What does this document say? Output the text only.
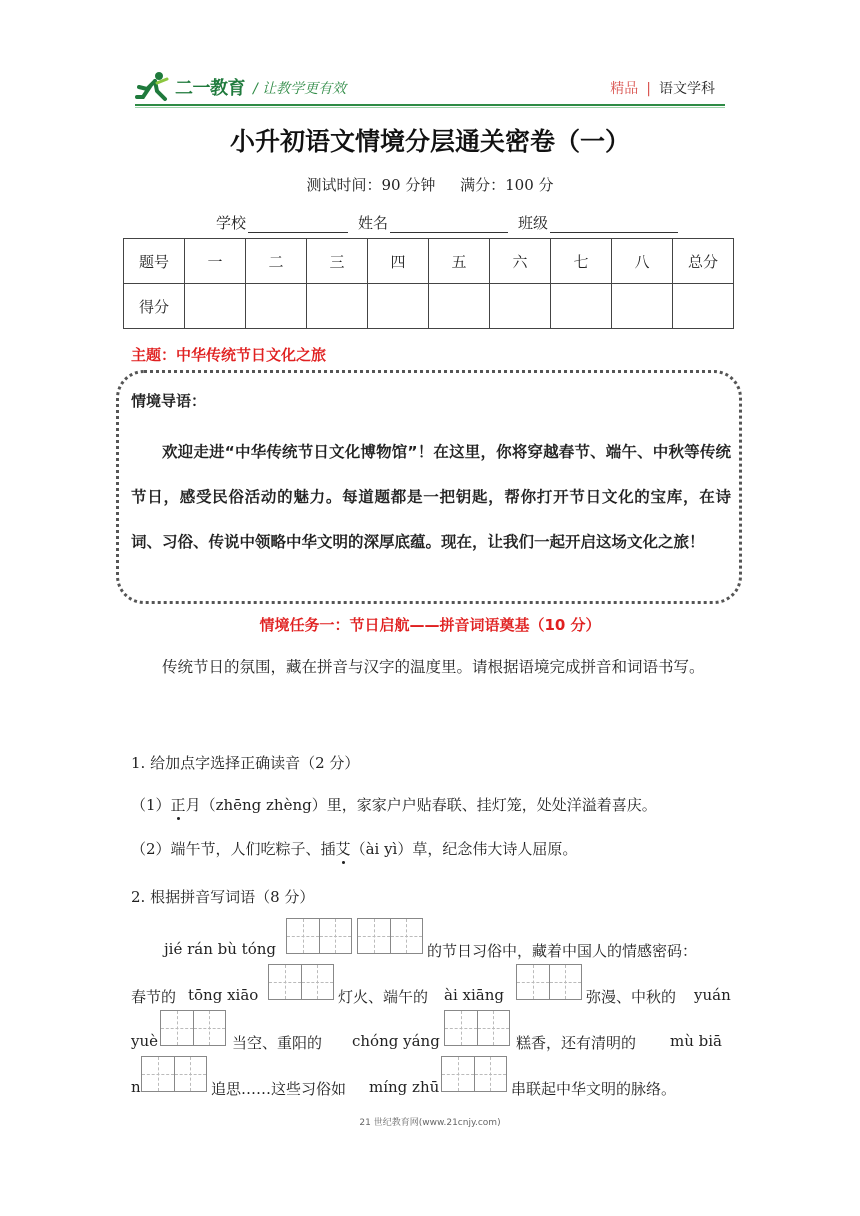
二一教育 / 让教学更有效	精品 | 语文学科
小升初语文情境分层通关密卷（一）
测试时间：90 分钟 满分：100 分
学校	姓名	班级
题号	一	二	三	四	五	六	七	八	总分
得分									
主题：中华传统节日文化之旅
情境导语：
欢迎走进“中华传统节日文化博物馆”！在这里，你将穿越春节、端午、中秋等传统节日，感受民俗活动的魅力。每道题都是一把钥匙，帮你打开节日文化的宝库，在诗词、习俗、传说中领略中华文明的深厚底蕴。现在，让我们一起开启这场文化之旅！
情境任务一：节日启航——拼音词语奠基（10 分）
传统节日的氛围，藏在拼音与汉字的温度里。请根据语境完成拼音和词语书写。
1. 给加点字选择正确读音（2 分）
（1）正月（zhēng zhèng）里，家家户户贴春联、挂灯笼，处处洋溢着喜庆。
（2）端午节，人们吃粽子、插艾（ài yì）草，纪念伟大诗人屈原。
2. 根据拼音写词语（8 分）
jié rán bù tóng	的节日习俗中，藏着中国人的情感密码：
春节的 tōng xiāo	灯火、端午的 ài xiāng	弥漫、中秋的 yuán
yuè	当空、重阳的 chóng yáng	糕香，还有清明的 mù biā
n	追思……这些习俗如 míng zhū	串联起中华文明的脉络。
21 世纪教育网(www.21cnjy.com)
